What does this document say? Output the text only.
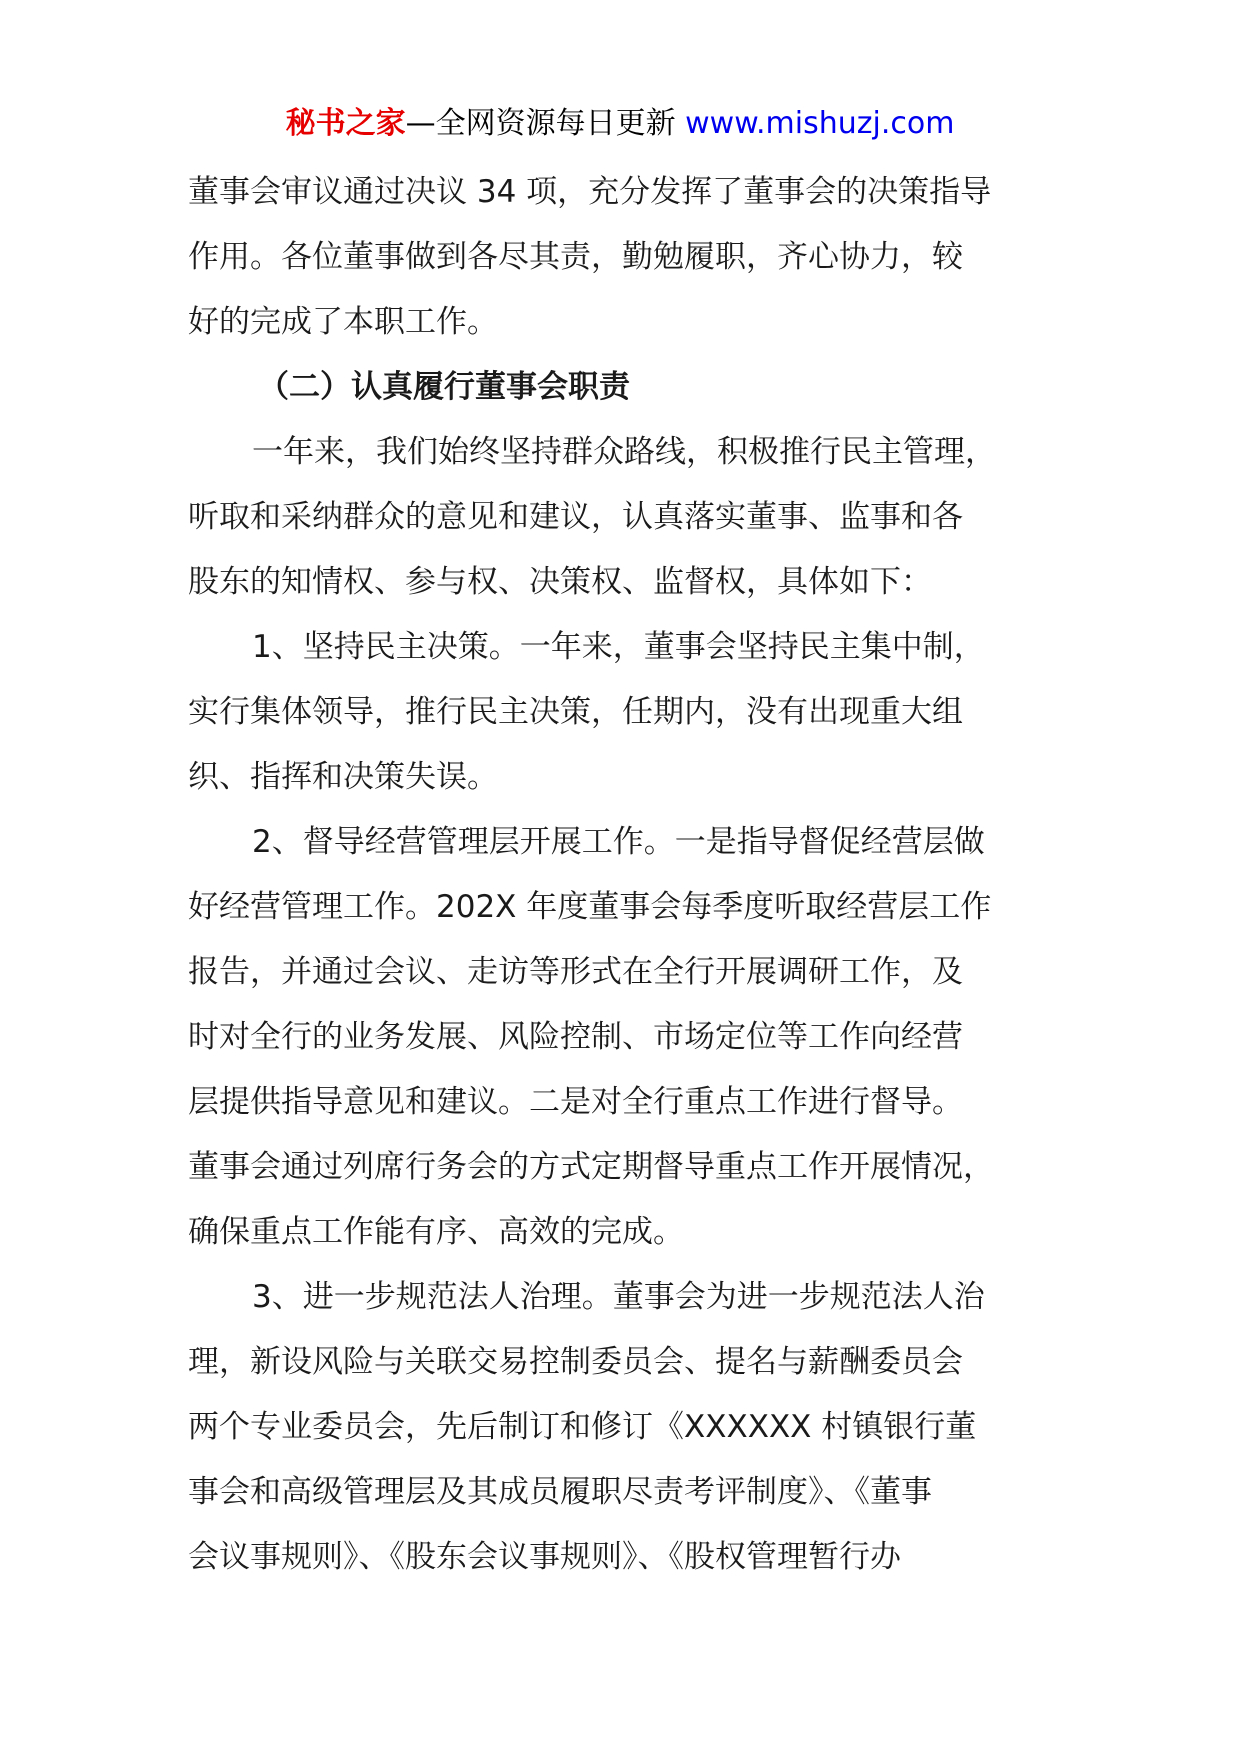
秘书之家—全网资源每日更新 www.mishuzj.com
董事会审议通过决议 34 项，充分发挥了董事会的决策指导
作用。各位董事做到各尽其责，勤勉履职，齐心协力，较
好的完成了本职工作。
（二）认真履行董事会职责
一年来，我们始终坚持群众路线，积极推行民主管理，
听取和采纳群众的意见和建议，认真落实董事、监事和各
股东的知情权、参与权、决策权、监督权，具体如下：
1、坚持民主决策。一年来，董事会坚持民主集中制，
实行集体领导，推行民主决策，任期内，没有出现重大组
织、指挥和决策失误。
2、督导经营管理层开展工作。一是指导督促经营层做
好经营管理工作。202X 年度董事会每季度听取经营层工作
报告，并通过会议、走访等形式在全行开展调研工作，及
时对全行的业务发展、风险控制、市场定位等工作向经营
层提供指导意见和建议。二是对全行重点工作进行督导。
董事会通过列席行务会的方式定期督导重点工作开展情况，
确保重点工作能有序、高效的完成。
3、进一步规范法人治理。董事会为进一步规范法人治
理，新设风险与关联交易控制委员会、提名与薪酬委员会
两个专业委员会，先后制订和修订《XXXXXX 村镇银行董
事会和高级管理层及其成员履职尽责考评制度》、《董事
会议事规则》、《股东会议事规则》、《股权管理暂行办
